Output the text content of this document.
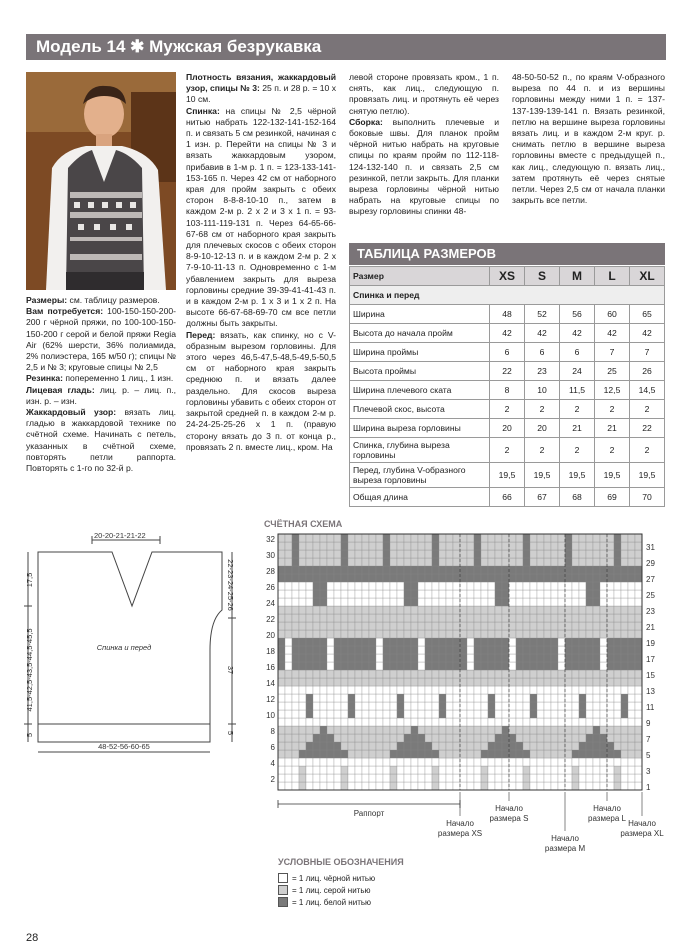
Модель 14 ✱ Мужская безрукавка

Размеры: см. таблицу размеров.

Вам потребуется: 100-150-150-200-200 г чёрной пряжи, по 100-100-150-150-200 г серой и белой пряжи Regia Air (62% шерсти, 36% полиамида, 2% полиэстера, 165 м/50 г); спицы № 2,5 и № 3; круговые спицы № 2,5

Резинка: попеременно 1 лиц., 1 изн.

Лицевая гладь: лиц. р. – лиц. п., изн. р. – изн.

Жаккардовый узор: вязать лиц. гладью в жаккардовой технике по счётной схеме. Начинать с петель, указанных в счётной схеме, повторять петли раппорта. Повторять с 1-го по 32-й р.

Плотность вязания, жаккардовый узор, спицы № 3: 25 п. и 28 р. = 10 х 10 см.

Спинка: на спицы № 2,5 чёрной нитью набрать 122-132-141-152-164 п. и связать 5 см резинкой, начиная с 1 изн. р. Перейти на спицы № 3 и вязать жаккардовым узором, прибавив в 1-м р. 1 п. = 123-133-141-153-165 п. Через 42 см от наборного края для пройм закрыть с обеих сторон 8-8-8-10-10 п., затем в каждом 2-м р. 2 х 2 и 3 х 1 п. = 93-103-111-119-131 п. Через 64-65-66-67-68 см от наборного края закрыть для плечевых скосов с обеих сторон 8-9-10-12-13 п. и в каждом 2-м р. 2 х 7-9-10-11-13 п. Одновременно с 1-м убавлением закрыть для выреза горловины средние 39-39-41-41-43 п. и в каждом 2-м р. 1 х 3 и 1 х 2 п. На высоте 66-67-68-69-70 см все петли должны быть закрыты.

Перед: вязать, как спинку, но с V-образным вырезом горловины. Для этого через 46,5-47,5-48,5-49,5-50,5 см от наборного края закрыть среднюю п. и вязать далее раздельно. Для скосов выреза горловины убавить с обеих сторон от закрытой средней п. в каждом 2-м р. 24-24-25-25-26 х 1 п. (правую сторону вязать до 3 п. от конца р., провязать 2 п. вместе лиц., кром. На

левой стороне провязать кром., 1 п. снять, как лиц., следующую п. провязать лиц. и протянуть её через снятую петлю).

Сборка: выполнить плечевые и боковые швы. Для планок пройм чёрной нитью набрать на круговые спицы по краям пройм по 112-118-124-132-140 п. и связать 2,5 см резинкой, петли закрыть. Для планки выреза горловины чёрной нитью набрать на круговые спицы по вырезу горловины спинки 48-

48-50-50-52 п., по краям V-образного выреза по 44 п. и из вершины горловины между ними 1 п. = 137-137-139-139-141 п. Вязать резинкой, петлю на вершине выреза горловины вязать лиц. и в каждом 2-м круг. р. снимать петлю в вершине выреза горловины вместе с предыдущей п., как лиц., следующую п. вязать лиц., затем протянуть её через снятые петли. Через 2,5 см от начала планки закрыть все петли.

ТАБЛИЦА РАЗМЕРОВ
Размер	XS	S	M	L	XL
Спинка и перед					
Ширина	48	52	56	60	65
Высота до начала пройм	42	42	42	42	42
Ширина проймы	6	6	6	7	7
Высота проймы	22	23	24	25	26
Ширина плечевого ската	8	10	11,5	12,5	14,5
Плечевой скос, высота	2	2	2	2	2
Ширина выреза горловины	20	20	21	21	22
Спинка, глубина выреза горловины	2	2	2	2	2
Перед, глубина V-образного выреза горловины	19,5	19,5	19,5	19,5	19,5
Общая длина	66	67	68	69	70
20-20-21-21-22
Спинка и перед
48-52-56-60-65
17,5
41,5-42,5-43,5-44,5-45,5
5
22-23-24-25-26
37
5
СЧЁТНАЯ СХЕМА
32
30
28
26
24
22
20
18
16
14
12
10
8
6
4
2
31
29
27
25
23
21
19
17
15
13
11
9
7
5
3
1
Раппорт
Начало
размера XS
Начало
размера S
Начало
размера M
Начало
размера L
Начало
размера XL
УСЛОВНЫЕ ОБОЗНАЧЕНИЯ
= 1 лиц. чёрной нитью
= 1 лиц. серой нитью
= 1 лиц. белой нитью
28
